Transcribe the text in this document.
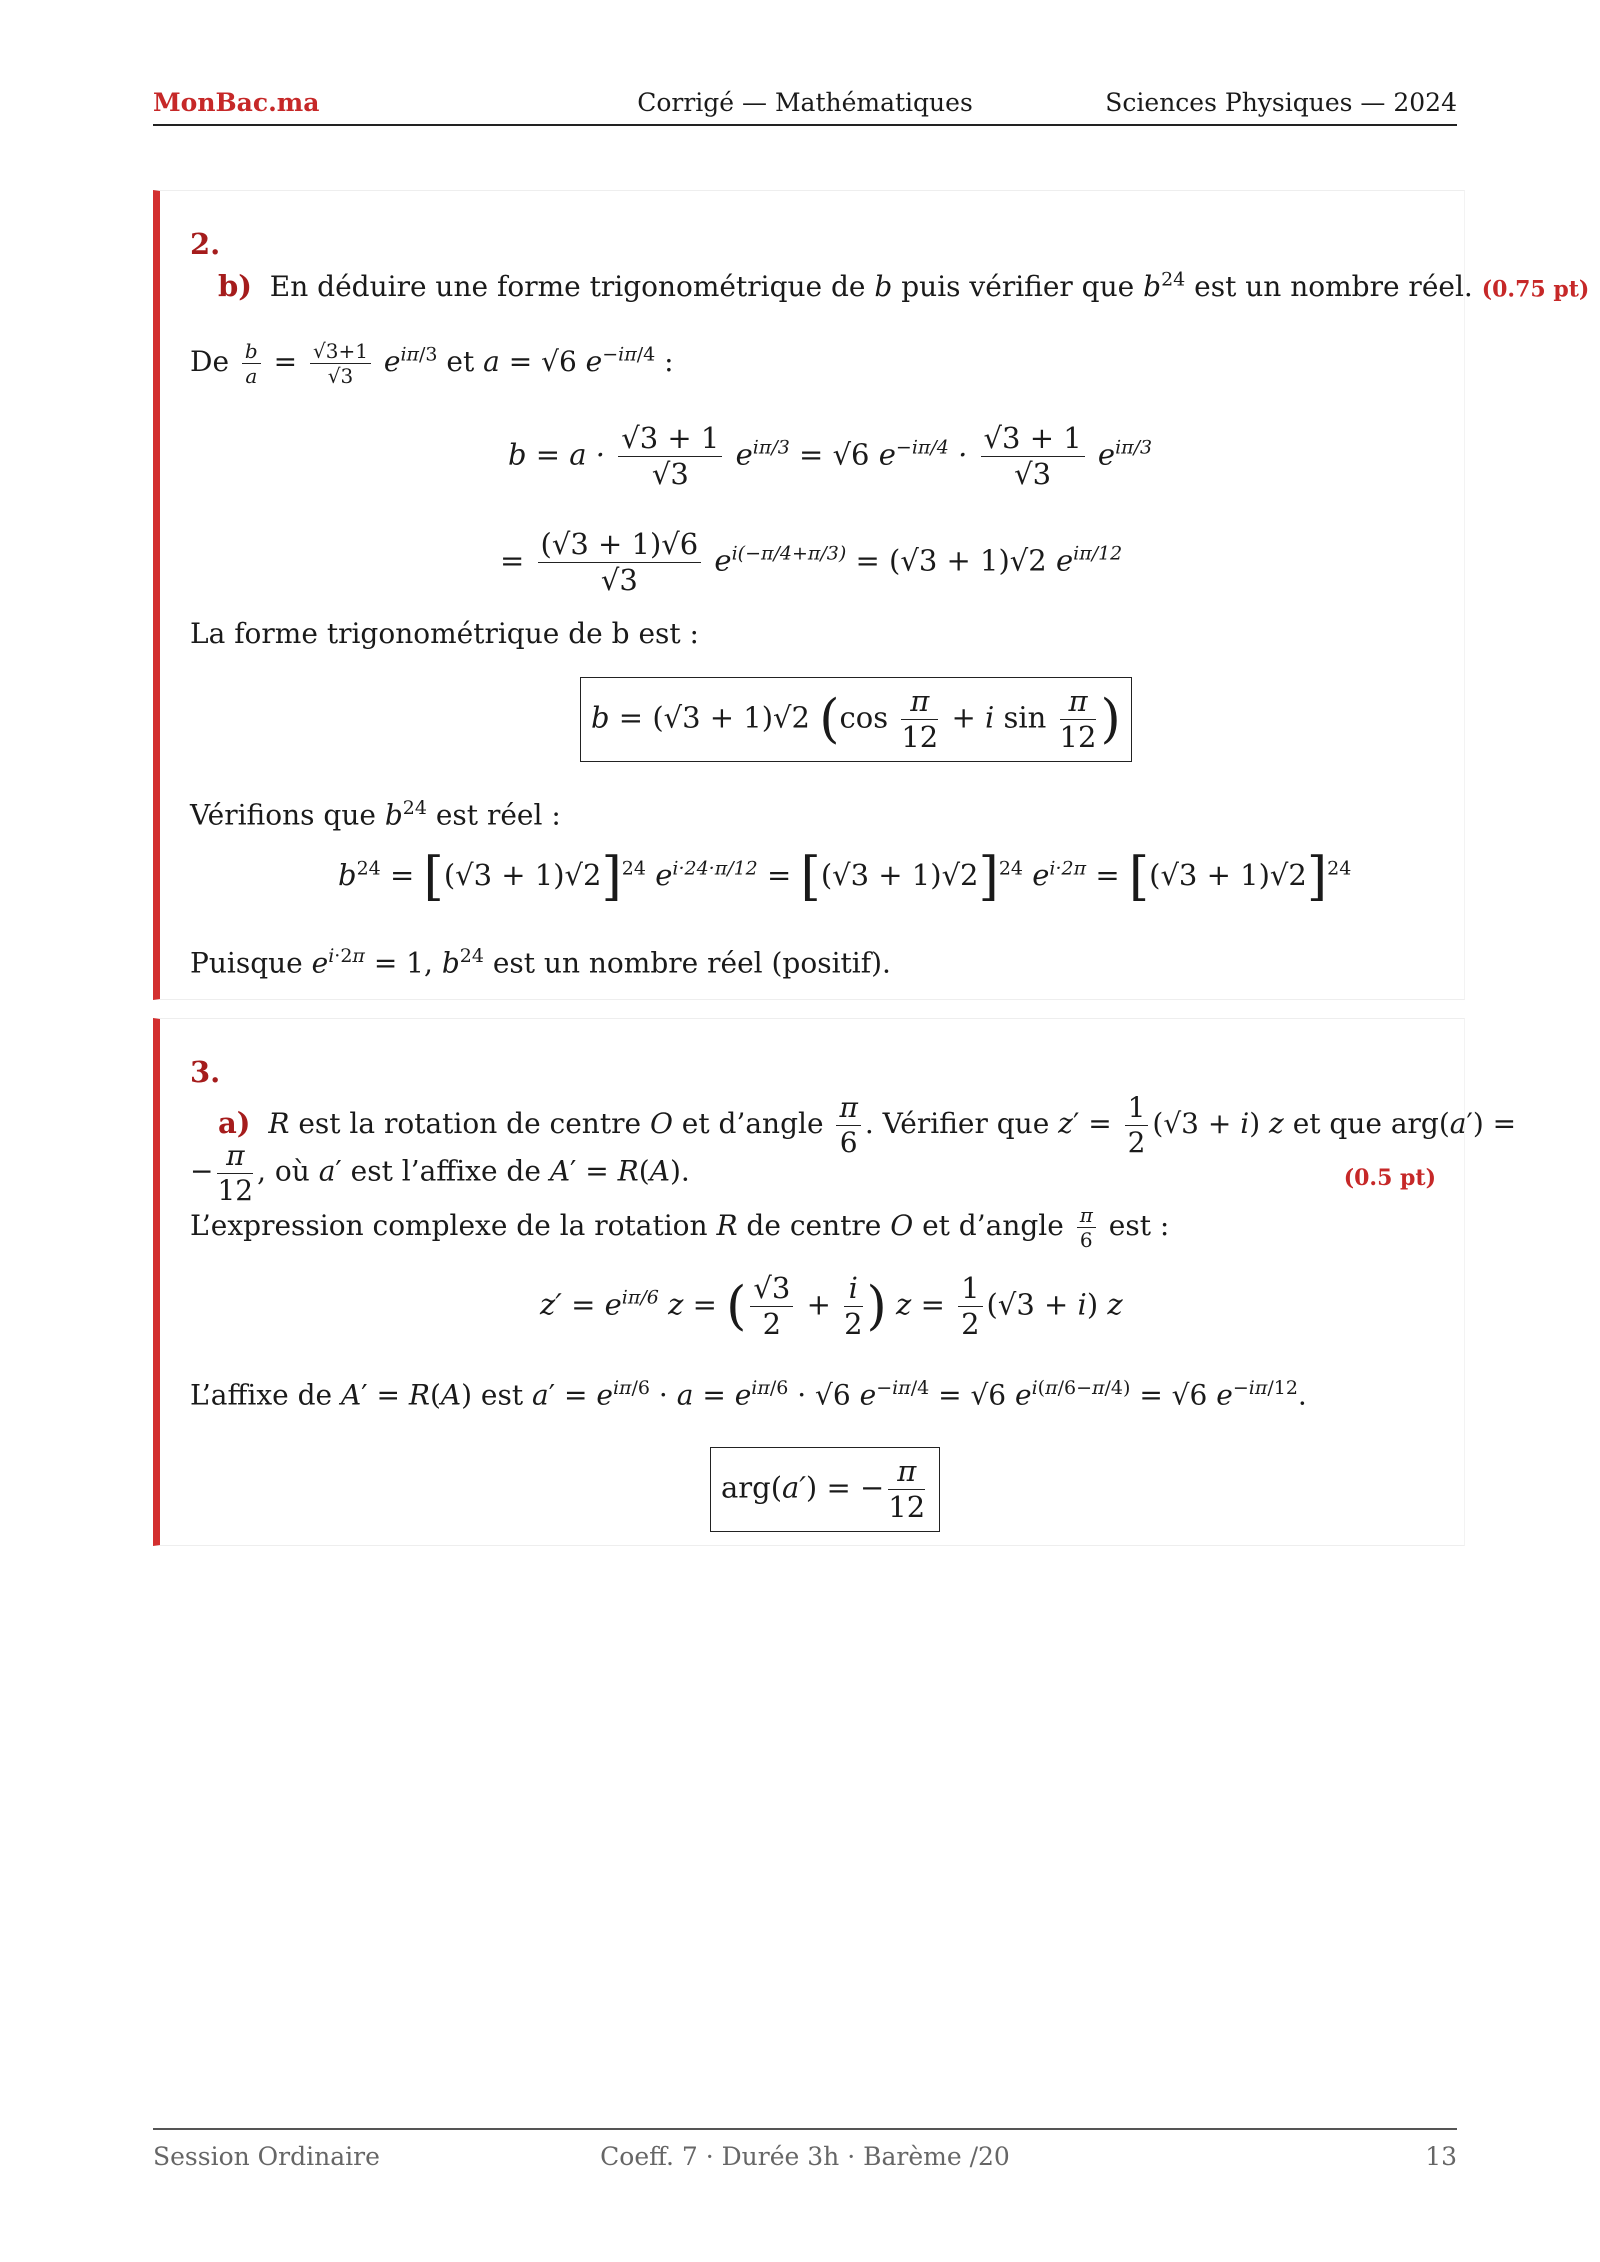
MonBac.ma	Corrigé — Mathématiques	Sciences Physiques — 2024
2.
b)  En déduire une forme trigonométrique de b puis vérifier que $b^{24}$ est un nombre réel. (0.75 pt)
De $\frac{b}{a} = \frac{√3+1}{√3} e^{i\pi/3}$ et a = √6 $e^{-i\pi/4}$ :
$b = a \cdot \frac{√3 + 1}{√3} e^{i\pi/3} = √6$ $e^{-i\pi/4} \cdot \frac{√3 + 1}{√3} e^{i\pi/3}$
= $\frac{(√3 + 1)√6}{√3} e^{i(-\pi/4+\pi/3)} = (√3 + 1)√2$ $e^{i\pi/12}$
La forme trigonométrique de b est :
b = (√3 + 1)√2 ($\cos \frac{\pi}{12} + i$ $\sin \frac{\pi}{12}$ )
Vérifions que $b^{24}$ est réel :
$b^{24} = [(√3 + 1)√2]^{24}$ $e^{i\cdot 24\cdot\pi/12} = [(√3 + 1)√2]^{24}$ $e^{i\cdot 2\pi} = [(√3 + 1)√2]^{24}$
Puisque $e^{i\cdot 2\pi} = 1$, $b^{24}$ est un nombre réel (positif).
3.
a) R est la rotation de centre O et d’angle $\frac{\pi}{6}$ . Vérifier que $z' = \frac{1}{2} (√3 + i)$ z et que arg(a′) =
− $\frac{\pi}{12}$ , où a′ est l’affixe de A′ = R(A).	(0.5 pt)
L’expression complexe de la rotation R de centre O et d’angle $\frac{\pi}{6}$ est :
$z' = e^{i\pi/6}$ z = ( $\frac{√3}{2} + \frac{i}{2}$ ) $z = \frac{1}{2} (√3 + i)$ z
L’affixe de A′ = R(A) est $a' = e^{i\pi/6} \cdot a = e^{i\pi/6} \cdot √6$ $e^{-i\pi/4} = √6$ $e^{i(\pi/6-\pi/4)} = √6$ $e^{-i\pi/12}$.
arg(a′) = − $\frac{\pi}{12}$
Session Ordinaire	Coeff. 7 · Durée 3h · Barème /20	13
